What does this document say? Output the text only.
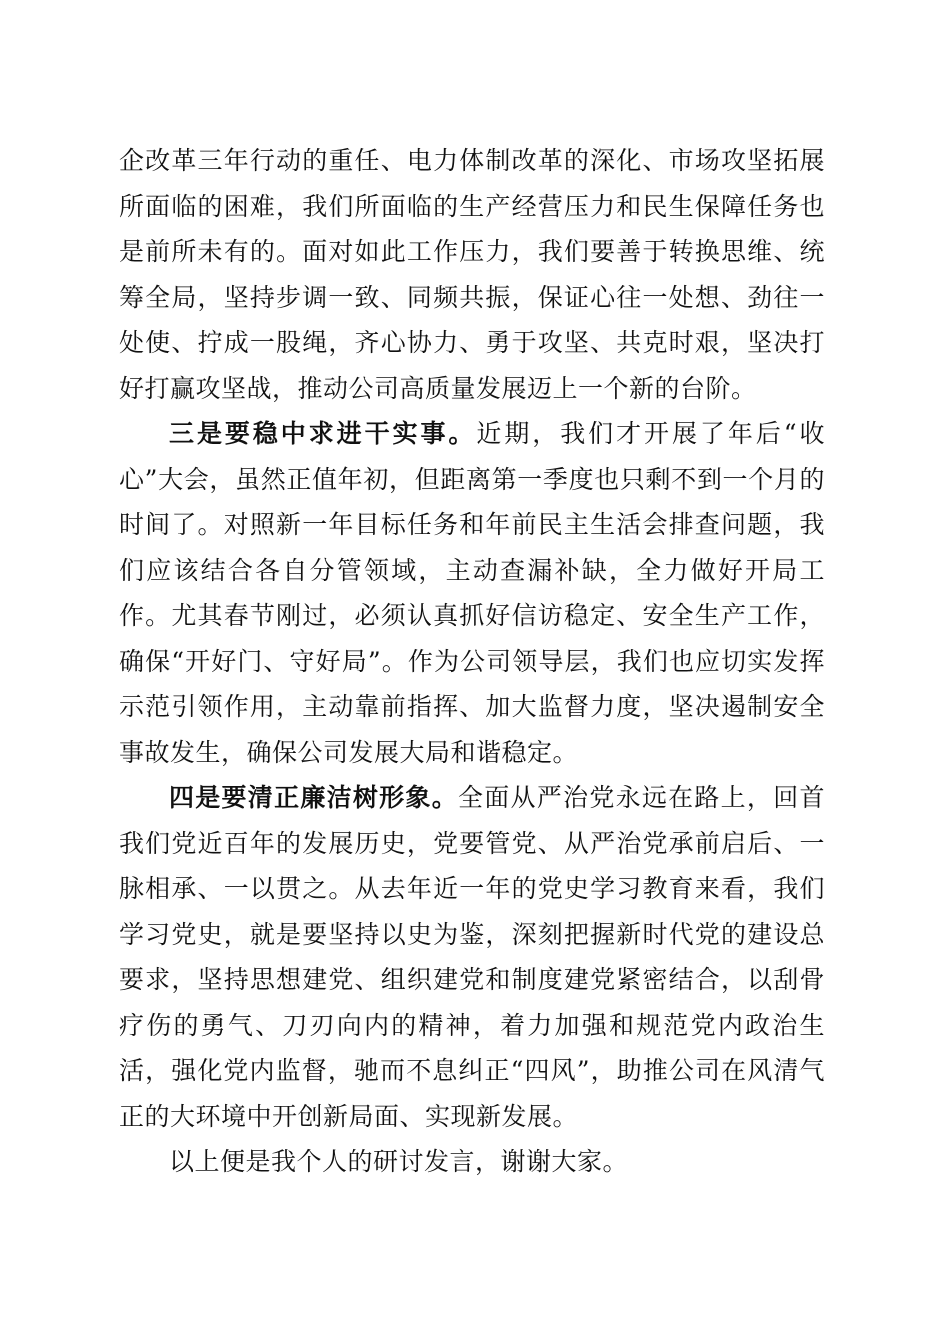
企改革三年行动的重任、电力体制改革的深化、市场攻坚拓展所面临的困难，我们所面临的生产经营压力和民生保障任务也是前所未有的。面对如此工作压力，我们要善于转换思维、统筹全局，坚持步调一致、同频共振，保证心往一处想、劲往一处使、拧成一股绳，齐心协力、勇于攻坚、共克时艰，坚决打好打赢攻坚战，推动公司高质量发展迈上一个新的台阶。

三是要稳中求进干实事。近期，我们才开展了年后“收心”大会，虽然正值年初，但距离第一季度也只剩不到一个月的时间了。对照新一年目标任务和年前民主生活会排查问题，我们应该结合各自分管领域，主动查漏补缺，全力做好开局工作。尤其春节刚过，必须认真抓好信访稳定、安全生产工作，确保“开好门、守好局”。作为公司领导层，我们也应切实发挥示范引领作用，主动靠前指挥、加大监督力度，坚决遏制安全事故发生，确保公司发展大局和谐稳定。

四是要清正廉洁树形象。全面从严治党永远在路上，回首我们党近百年的发展历史，党要管党、从严治党承前启后、一脉相承、一以贯之。从去年近一年的党史学习教育来看，我们学习党史，就是要坚持以史为鉴，深刻把握新时代党的建设总要求，坚持思想建党、组织建党和制度建党紧密结合，以刮骨疗伤的勇气、刀刃向内的精神，着力加强和规范党内政治生活，强化党内监督，驰而不息纠正“四风”，助推公司在风清气正的大环境中开创新局面、实现新发展。

以上便是我个人的研讨发言，谢谢大家。
